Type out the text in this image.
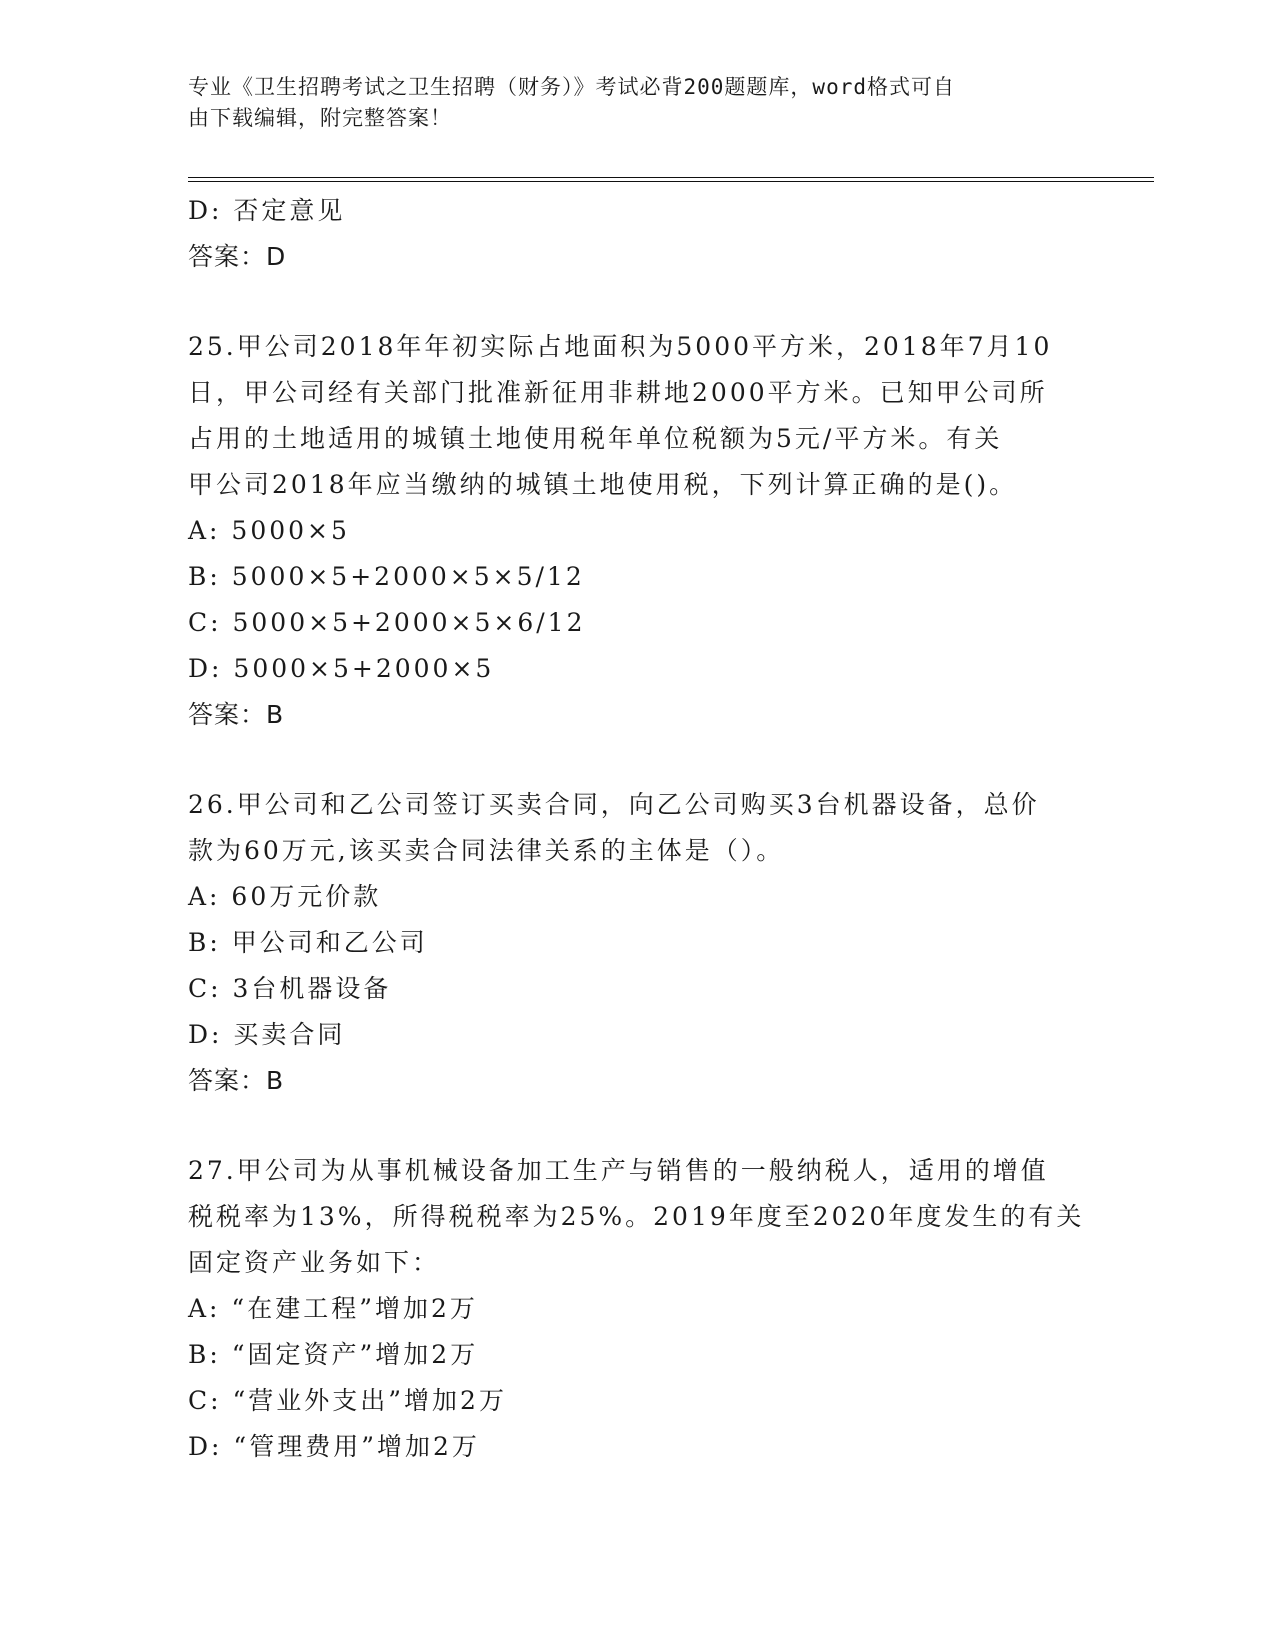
专业《卫生招聘考试之卫生招聘（财务）》考试必背200题题库，word格式可自
由下载编辑，附完整答案！
D: 否定意见
答案：D
25.甲公司2018年年初实际占地面积为5000平方米，2018年7月10
日，甲公司经有关部门批准新征用非耕地2000平方米。已知甲公司所
占用的土地适用的城镇土地使用税年单位税额为5元/平方米。有关
甲公司2018年应当缴纳的城镇土地使用税，下列计算正确的是()。
A: 5000×5
B: 5000×5+2000×5×5/12
C: 5000×5+2000×5×6/12
D: 5000×5+2000×5
答案：B
26.甲公司和乙公司签订买卖合同，向乙公司购买3台机器设备，总价
款为60万元,该买卖合同法律关系的主体是（）。
A: 60万元价款
B: 甲公司和乙公司
C: 3台机器设备
D: 买卖合同
答案：B
27.甲公司为从事机械设备加工生产与销售的一般纳税人，适用的增值
税税率为13%，所得税税率为25%。2019年度至2020年度发生的有关
固定资产业务如下：
A: “在建工程”增加2万
B: “固定资产”增加2万
C: “营业外支出”增加2万
D: “管理费用”增加2万
